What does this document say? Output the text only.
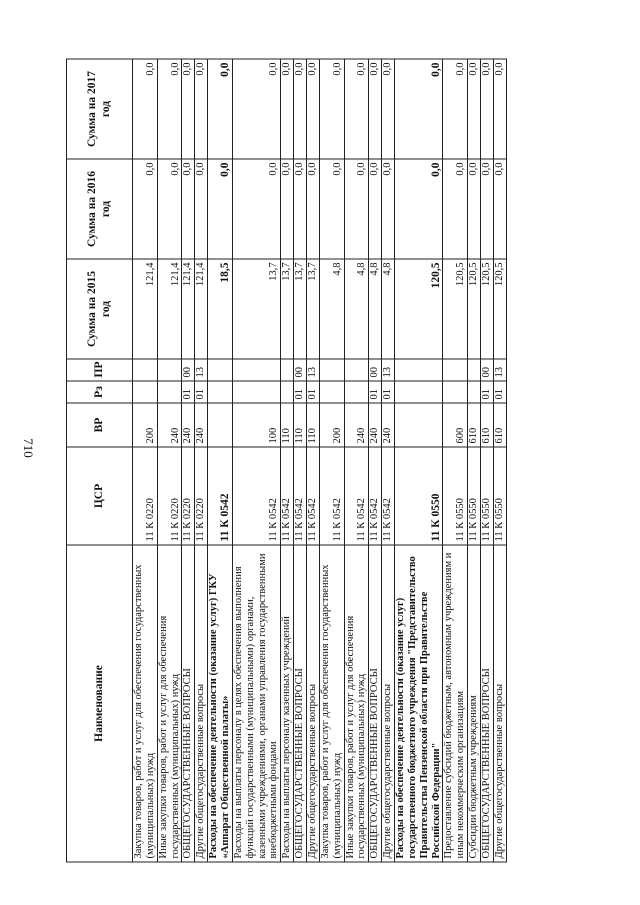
710
Наименование	ЦСР	ВР	Рз	ПР	Сумма на 2015 год	Сумма на 2016 год	Сумма на 2017 год
Закупка товаров, работ и услуг для обеспечения государственных (муниципальных) нужд	11 К 0220	200			121,4	0,0	0,0
Иные закупки товаров, работ и услуг для обеспечения государственных (муниципальных) нужд	11 К 0220	240			121,4	0,0	0,0
ОБЩЕГОСУДАРСТВЕННЫЕ ВОПРОСЫ	11 К 0220	240	01	00	121,4	0,0	0,0
Другие общегосударственные вопросы	11 К 0220	240	01	13	121,4	0,0	0,0
Расходы на обеспечение деятельности (оказание услуг) ГКУ «Аппарат Общественной палаты»	11 К 0542				18,5	0,0	0,0
Расходы на выплаты персоналу в целях обеспечения выполнения функций государственными (муниципальными) органами, казенными учреждениями, органами управления государственными внебюджетными фондами	11 К 0542	100			13,7	0,0	0,0
Расходы на выплаты персоналу казенных учреждений	11 К 0542	110			13,7	0,0	0,0
ОБЩЕГОСУДАРСТВЕННЫЕ ВОПРОСЫ	11 К 0542	110	01	00	13,7	0,0	0,0
Другие общегосударственные вопросы	11 К 0542	110	01	13	13,7	0,0	0,0
Закупка товаров, работ и услуг для обеспечения государственных (муниципальных) нужд	11 К 0542	200			4,8	0,0	0,0
Иные закупки товаров, работ и услуг для обеспечения государственных (муниципальных) нужд	11 К 0542	240			4,8	0,0	0,0
ОБЩЕГОСУДАРСТВЕННЫЕ ВОПРОСЫ	11 К 0542	240	01	00	4,8	0,0	0,0
Другие общегосударственные вопросы	11 К 0542	240	01	13	4,8	0,0	0,0
Расходы на обеспечение деятельности (оказание услуг) государственного бюджетного учреждения "Представительство Правительства Пензенской области при Правительстве Российской Федерации"	11 К 0550				120,5	0,0	0,0
Предоставление субсидий бюджетным, автономным учреждениям и иным некоммерческим организациям	11 К 0550	600			120,5	0,0	0,0
Субсидии бюджетным учреждениям	11 К 0550	610			120,5	0,0	0,0
ОБЩЕГОСУДАРСТВЕННЫЕ ВОПРОСЫ	11 К 0550	610	01	00	120,5	0,0	0,0
Другие общегосударственные вопросы	11 К 0550	610	01	13	120,5	0,0	0,0
